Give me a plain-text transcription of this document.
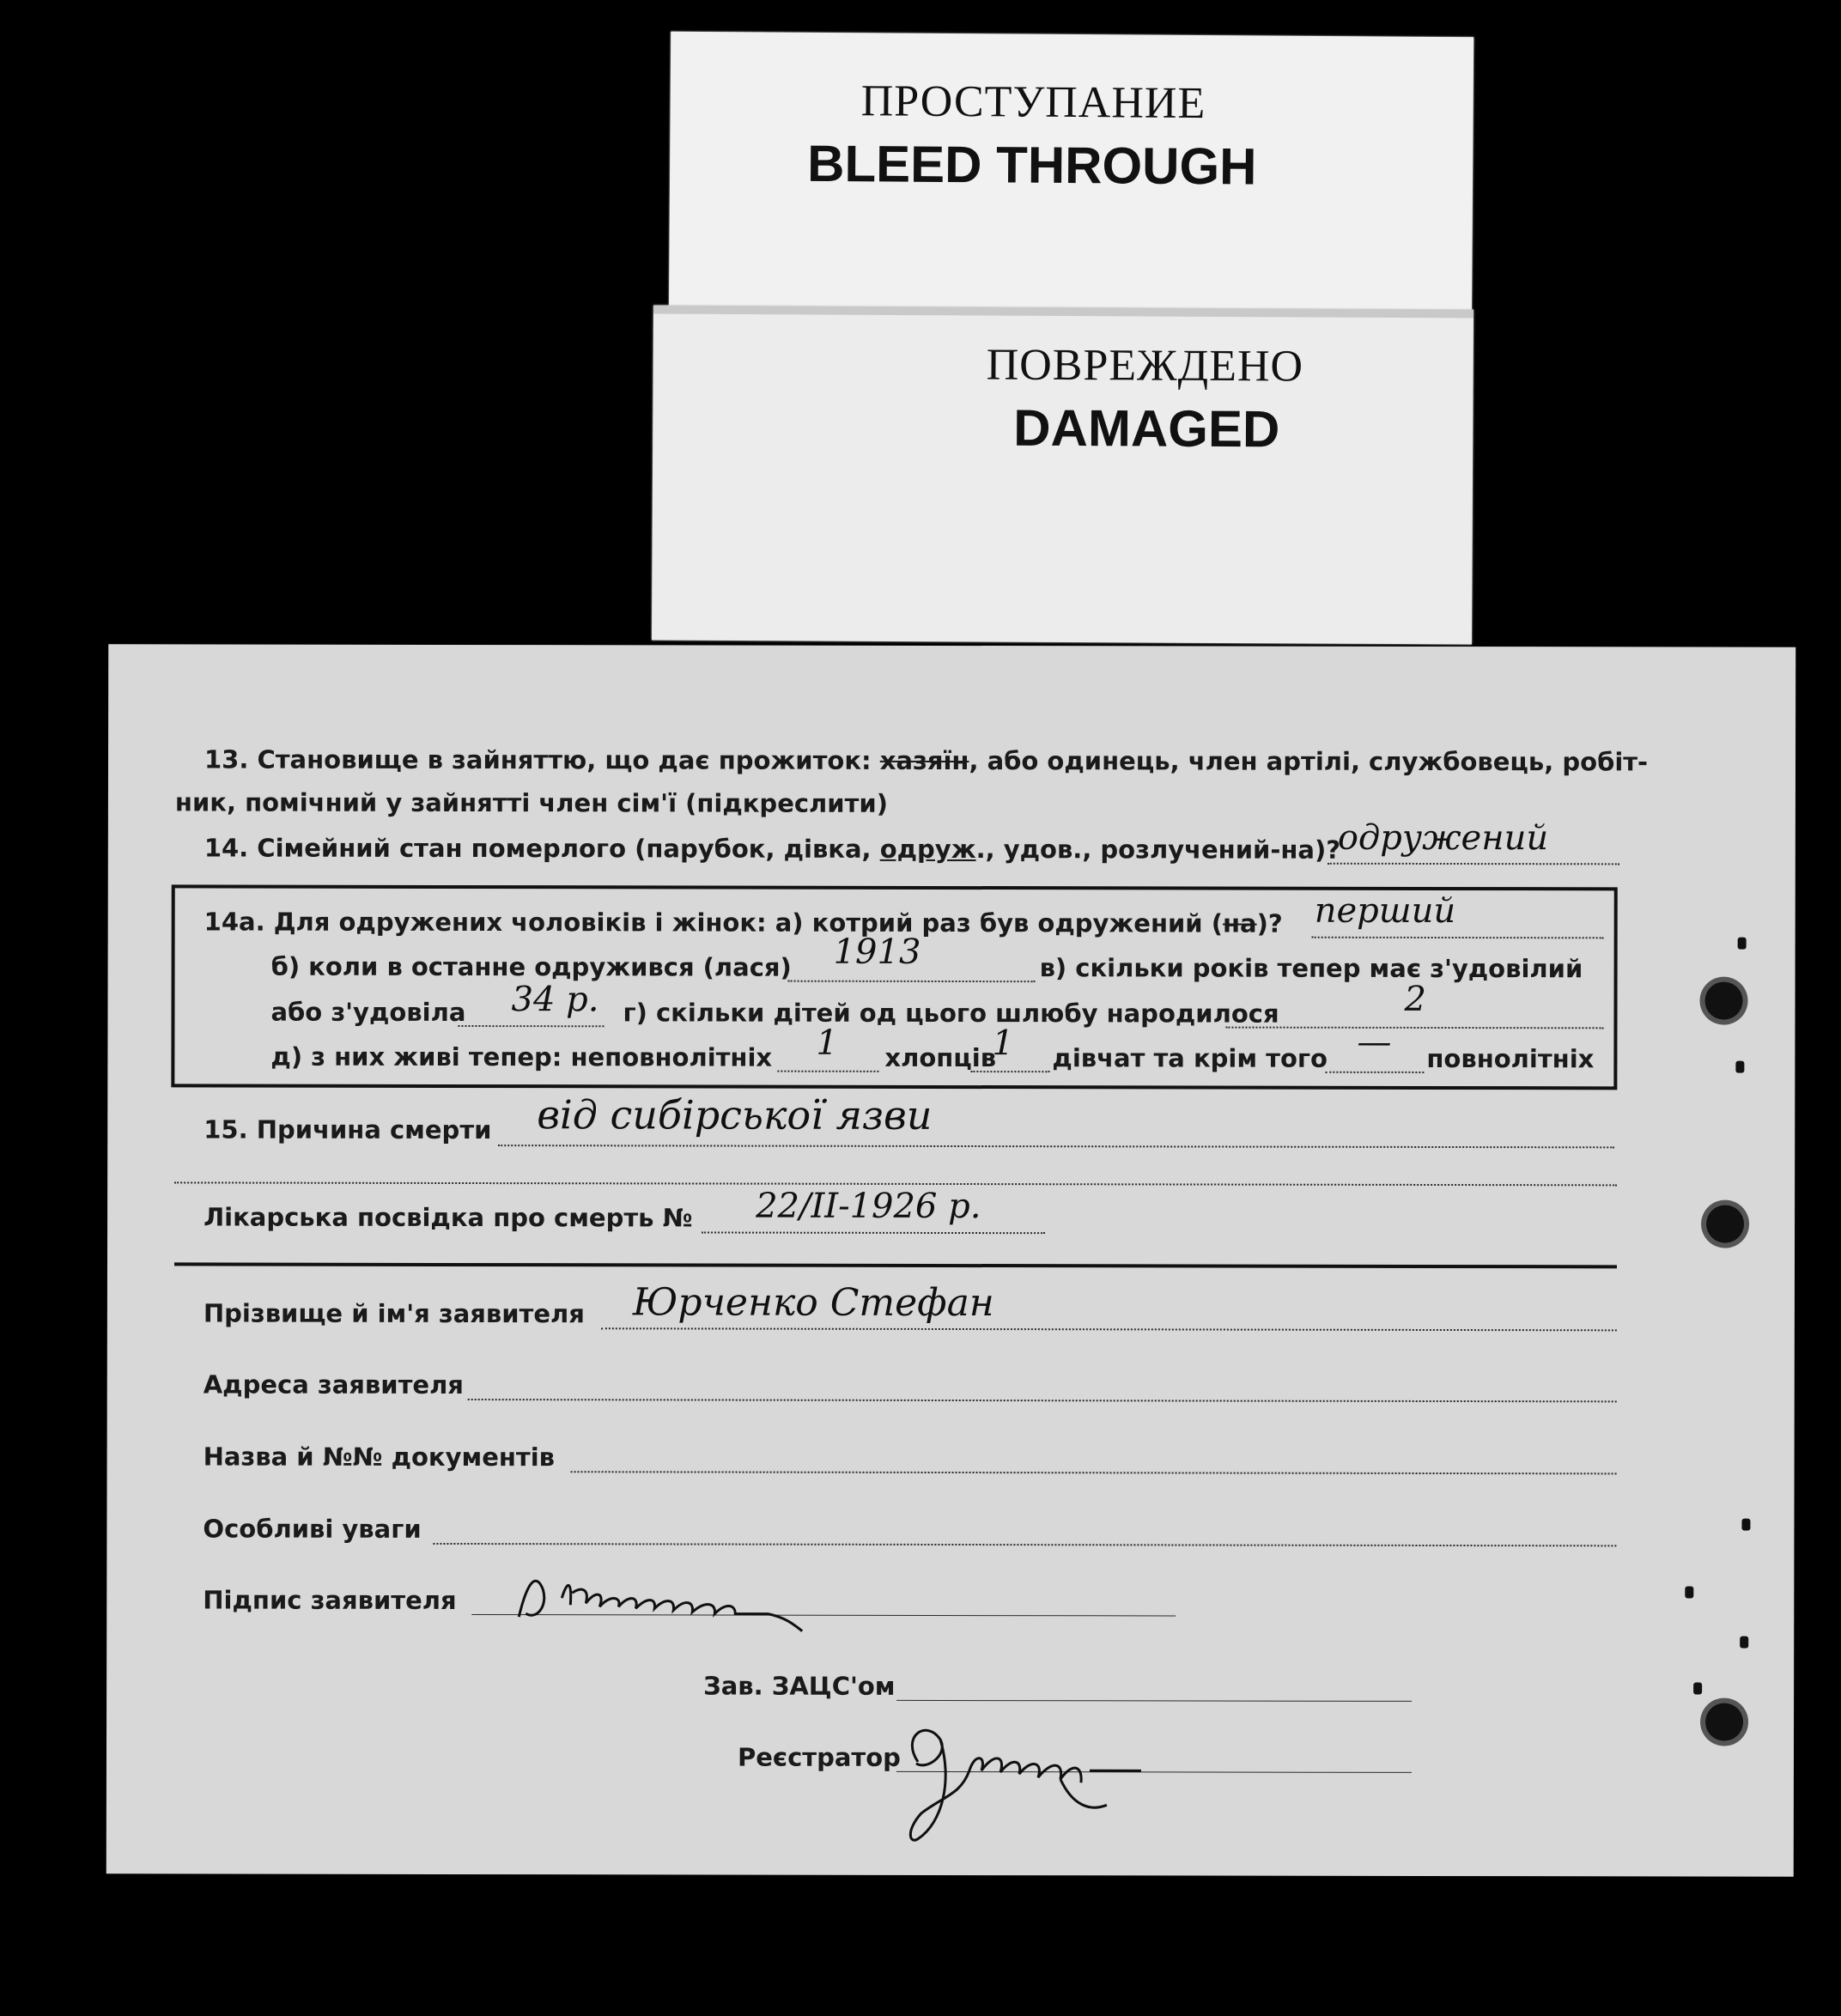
ПРОСТУПАНИЕ
BLEED THROUGH
ПОВРЕЖДЕНО
DAMAGED
13. Становище в зайняттю, що дає прожиток: хазяїн, або одинець, член артілі, службовець, робіт-
ник, помічний у зайнятті член сім'ї (підкреслити)
14. Сімейний стан померлого (парубок, дівка, одруж., удов., розлучений-на)?
одружений
14а. Для одружених чоловіків і жінок: а) котрий раз був одружений (на)? перший
б) коли в останне одружився (лася) 1913	в) скільки років тепер має з'удовілий
або з'удовіла 34 р. г) скільки дітей од цього шлюбу народилося	2
д) з них живі тепер: неповнолітніх 1 хлопців
1 дівчат та крім того — повнолітніх
15. Причина смерти від сибірської язви
Лікарська посвідка про смерть № 22/ІІ-1926 р.
Прізвище й ім'я заявителя Юрченко Стефан
Адреса заявителя
Назва й №№ документів
Особливі уваги
Підпис заявителя
Зав. ЗАЦС'ом
Реєстратор
